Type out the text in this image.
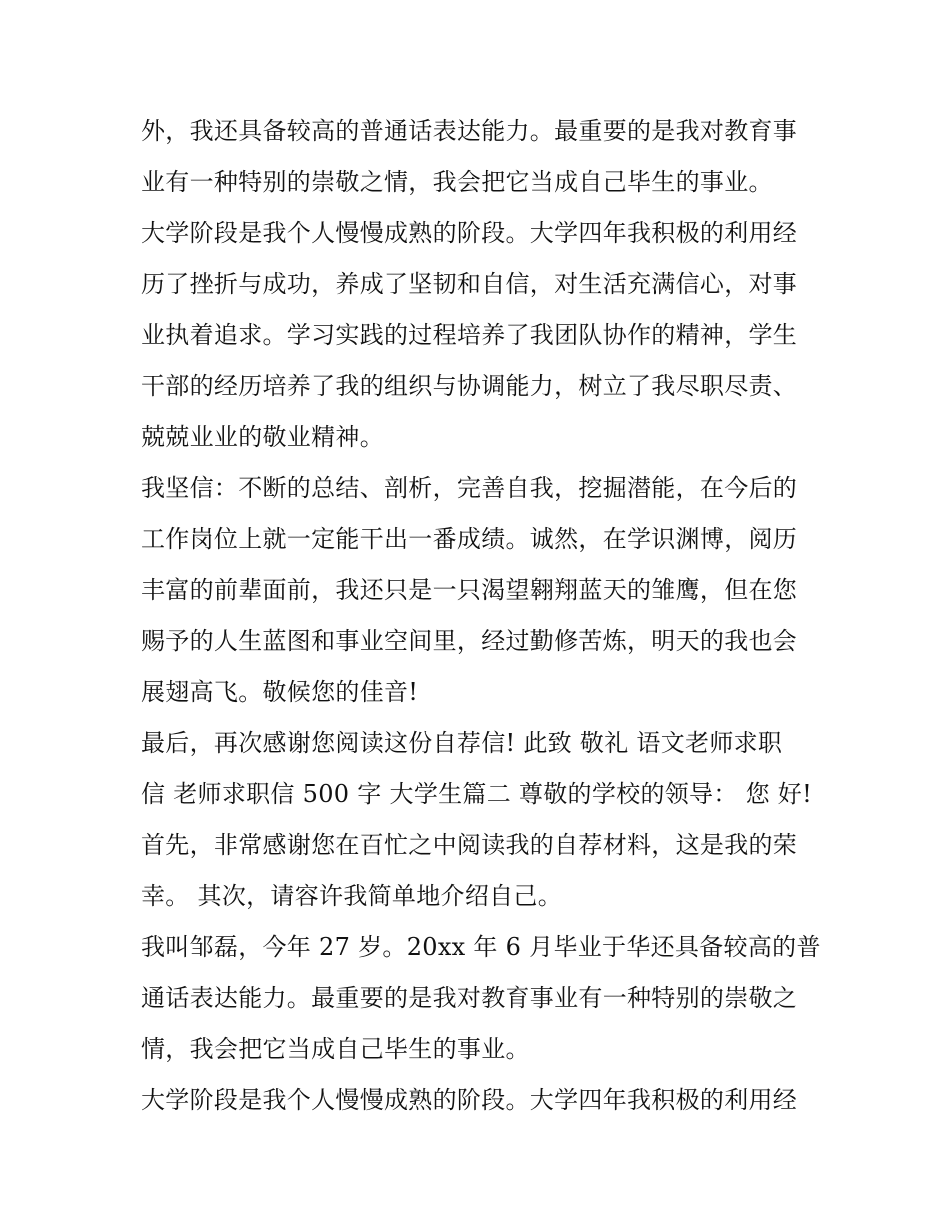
外，我还具备较高的普通话表达能力。最重要的是我对教育事
业有一种特别的崇敬之情，我会把它当成自己毕生的事业。
大学阶段是我个人慢慢成熟的阶段。大学四年我积极的利用经
历了挫折与成功，养成了坚韧和自信，对生活充满信心，对事
业执着追求。学习实践的过程培养了我团队协作的精神，学生
干部的经历培养了我的组织与协调能力，树立了我尽职尽责、
兢兢业业的敬业精神。
我坚信：不断的总结、剖析，完善自我，挖掘潜能，在今后的
工作岗位上就一定能干出一番成绩。诚然，在学识渊博，阅历
丰富的前辈面前，我还只是一只渴望翱翔蓝天的雏鹰，但在您
赐予的人生蓝图和事业空间里，经过勤修苦炼，明天的我也会
展翅高飞。敬候您的佳音!
最后，再次感谢您阅读这份自荐信! 此致 敬礼 语文老师求职
信 老师求职信 500 字 大学生篇二 尊敬的学校的领导： 您 好!
首先，非常感谢您在百忙之中阅读我的自荐材料，这是我的荣
幸。 其次，请容许我简单地介绍自己。
我叫邹磊，今年 27 岁。20xx 年 6 月毕业于华还具备较高的普
通话表达能力。最重要的是我对教育事业有一种特别的崇敬之
情，我会把它当成自己毕生的事业。
大学阶段是我个人慢慢成熟的阶段。大学四年我积极的利用经
